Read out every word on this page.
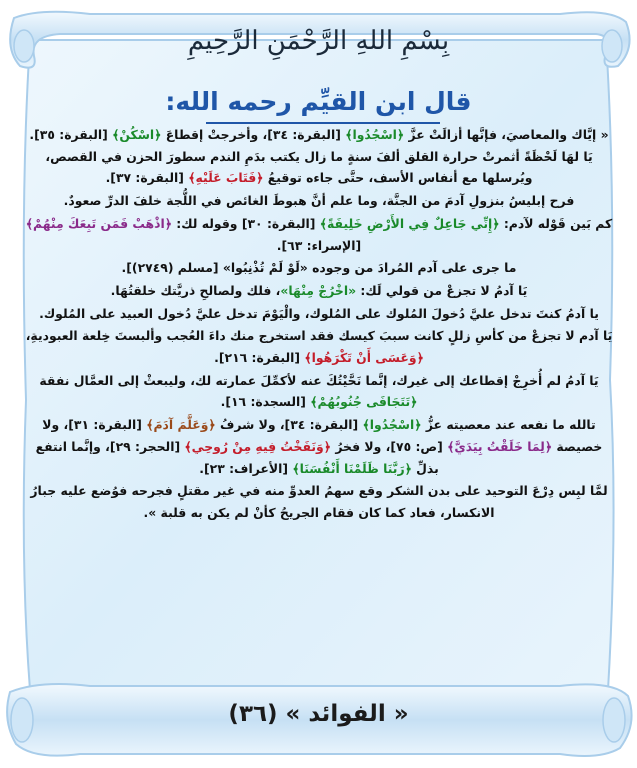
بِسْمِ اللهِ الرَّحْمَنِ الرَّحِيمِ
قال ابن القيِّم رحمه الله:

« إيَّاك والمعاصيَ، فإنَّها أزالَتْ عزَّ ﴿اسْجُدُوا﴾ [البقرة: ٣٤]، وأخرجتْ إقطاعَ ﴿اسْكُنْ﴾ [البقرة: ٣٥]. يَا لهَا لَحْظَةً أثمرتْ حرارة القلق ألفَ سنةٍ ما زال يكتب بدَمِ الندم سطورَ الحزن في القصص، ويُرسلها مع أنفاس الأسف، حتَّى جاءه توقيعُ ﴿فَتَابَ عَلَيْهِ﴾ [البقرة: ٣٧].

فرح إبليسُ بنزولِ آدمَ من الجنَّة، وما علم أنَّ هبوطَ الغائص في اللُّجة خلفَ الدرِّ صعودٌ.

كم بَين قَوْله لآدم: ﴿إِنِّي جَاعِلٌ فِي الأَرْضِ خَلِيفَةً﴾ [البقرة: ٣٠] وقوله لك: ﴿اذْهَبْ فَمَن تَبِعَكَ مِنْهُمْ﴾ [الإسراء: ٦٣].

ما جرى على آدم المُرادَ من وجوده «لَوْ لَمْ تُذْنِبُوا» [مسلم (٢٧٤٩)].

يَا آدمُ لا تجزعْ من قولي لَك: «اخْرُجْ مِنْهَا»، فلك ولصالحِ ذريَّتك خلقتُهَا.

يا آدمُ كنتَ تدخل عليَّ دُخولَ المُلوك على المُلوك، والْيَوْمَ تدخل عليَّ دُخول العبيد على المُلوك.

يَا آدم لا تجزعْ من كأسِ زللٍ كانت سببَ كيسك فقد استخرج منك داءَ العُجب وألبستَ خِلعة العبوديةِ، ﴿وَعَسَى أَنْ تَكْرَهُوا﴾ [البقرة: ٢١٦].

يَا آدمُ لم أُخرِجْ إقطاعك إلى غيرك، إنَّما نَحَّيْتُكَ عنه لأكمِّلَ عمارته لك، وليبعثْ إلى العمَّال نفقة ﴿تَتَجَافَى جُنُوبُهُمْ﴾ [السجدة: ١٦].

تالله ما نفعه عند معصيته عزُّ ﴿اسْجُدُوا﴾ [البقرة: ٣٤]، ولا شرفُ ﴿وَعَلَّمَ آدَمَ﴾ [البقرة: ٣١]، ولا خصيصة ﴿لِمَا خَلَقْتُ بِيَدَيَّ﴾ [ص: ٧٥]، ولا فخرُ ﴿وَنَفَخْتُ فِيهِ مِنْ رُوحِي﴾ [الحجر: ٢٩]، وإنَّما انتفع بذلِّ ﴿رَبَّنَا ظَلَمْنَا أَنْفُسَنَا﴾ [الأعراف: ٢٣].

لمَّا لبِس دِرْعَ التوحيد على بدن الشكر وقع سهمُ العدوِّ منه في غير مقتلٍ فجرحه فوُضع عليه جبارُ الانكسار، فعاد كما كان فقام الجريحُ كأنْ لم يكن به قلبة ».

« الفوائد » (٣٦)
